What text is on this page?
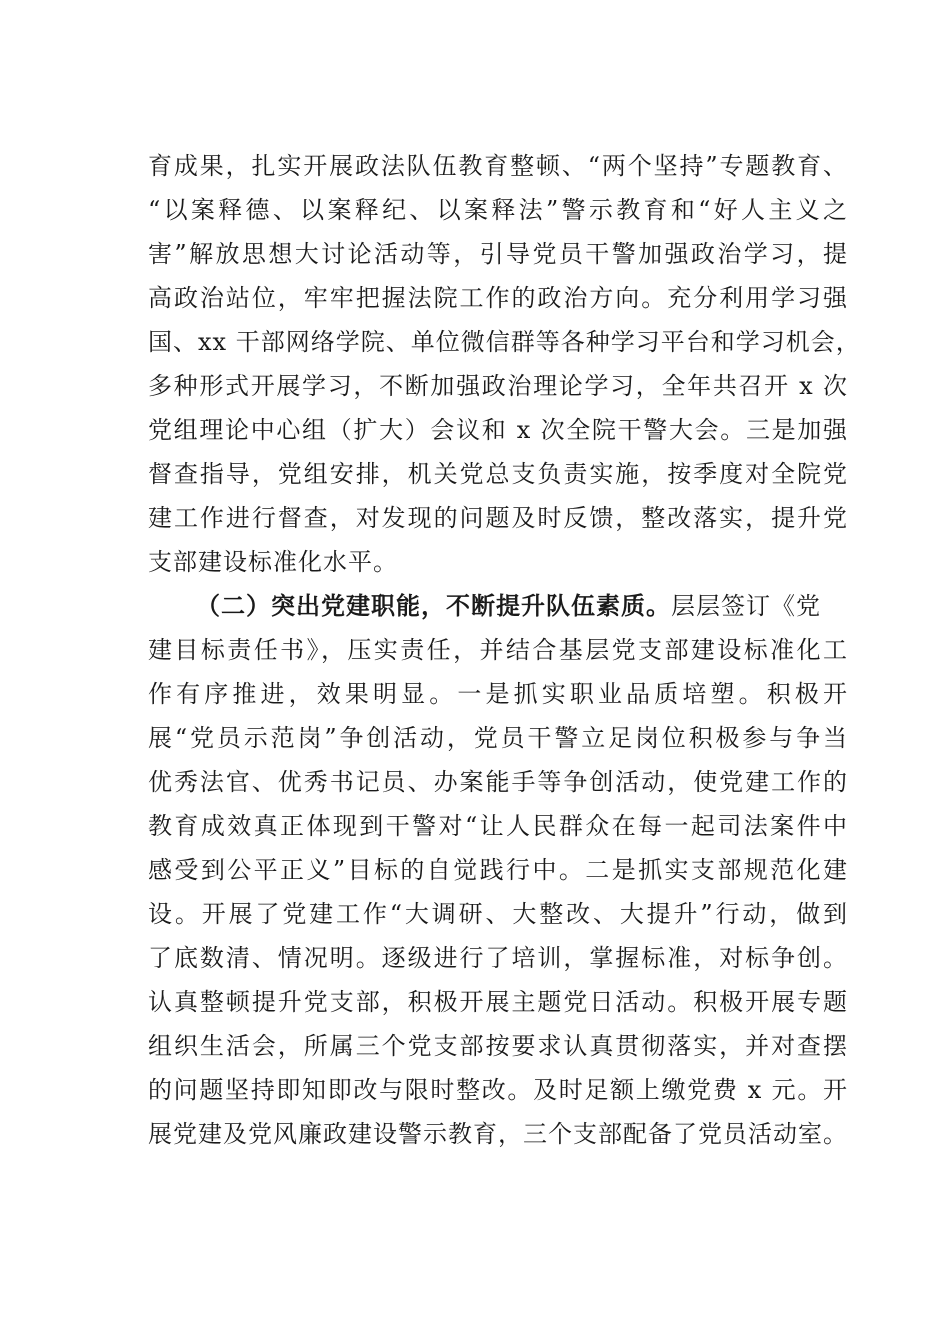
育成果，扎实开展政法队伍教育整顿、“两个坚持”专题教育、
“以案释德、以案释纪、以案释法”警示教育和“好人主义之
害”解放思想大讨论活动等，引导党员干警加强政治学习，提
高政治站位，牢牢把握法院工作的政治方向。充分利用学习强
国、xx 干部网络学院、单位微信群等各种学习平台和学习机会，
多种形式开展学习，不断加强政治理论学习，全年共召开 x 次
党组理论中心组（扩大）会议和 x 次全院干警大会。三是加强
督查指导，党组安排，机关党总支负责实施，按季度对全院党
建工作进行督查，对发现的问题及时反馈，整改落实，提升党
支部建设标准化水平。
（二）突出党建职能，不断提升队伍素质。层层签订《党
建目标责任书》，压实责任，并结合基层党支部建设标准化工
作有序推进，效果明显。一是抓实职业品质培塑。积极开
展“党员示范岗”争创活动，党员干警立足岗位积极参与争当
优秀法官、优秀书记员、办案能手等争创活动，使党建工作的
教育成效真正体现到干警对“让人民群众在每一起司法案件中
感受到公平正义”目标的自觉践行中。二是抓实支部规范化建
设。开展了党建工作“大调研、大整改、大提升”行动，做到
了底数清、情况明。逐级进行了培训，掌握标准，对标争创。
认真整顿提升党支部，积极开展主题党日活动。积极开展专题
组织生活会，所属三个党支部按要求认真贯彻落实，并对查摆
的问题坚持即知即改与限时整改。及时足额上缴党费 x 元。开
展党建及党风廉政建设警示教育，三个支部配备了党员活动室。
